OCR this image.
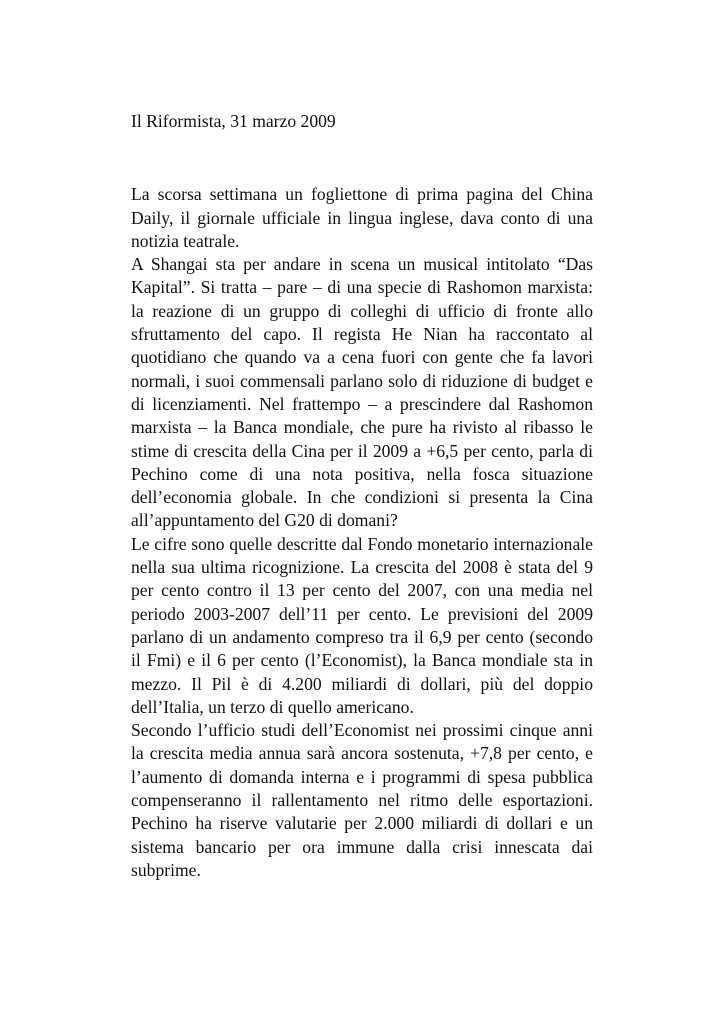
Il Riformista, 31 marzo 2009

La scorsa settimana un fogliettone di prima pagina del China Daily, il giornale ufficiale in lingua inglese, dava conto di una notizia teatrale.

A Shangai sta per andare in scena un musical intitolato “Das Kapital”. Si tratta – pare – di una specie di Rashomon marxista: la reazione di un gruppo di colleghi di ufficio di fronte allo sfruttamento del capo. Il regista He Nian ha raccontato al quotidiano che quando va a cena fuori con gente che fa lavori normali, i suoi commensali parlano solo di riduzione di budget e di licenziamenti. Nel frattempo – a prescindere dal Rashomon marxista – la Banca mondiale, che pure ha rivisto al ribasso le stime di crescita della Cina per il 2009 a +6,5 per cento, parla di Pechino come di una nota positiva, nella fosca situazione dell’economia globale. In che condizioni si presenta la Cina all’appuntamento del G20 di domani?

Le cifre sono quelle descritte dal Fondo monetario internazionale nella sua ultima ricognizione. La crescita del 2008 è stata del 9 per cento contro il 13 per cento del 2007, con una media nel periodo 2003-2007 dell’11 per cento. Le previsioni del 2009 parlano di un andamento compreso tra il 6,9 per cento (secondo il Fmi) e il 6 per cento (l’Economist), la Banca mondiale sta in mezzo. Il Pil è di 4.200 miliardi di dollari, più del doppio dell’Italia, un terzo di quello americano.

Secondo l’ufficio studi dell’Economist nei prossimi cinque anni la crescita media annua sarà ancora sostenuta, +7,8 per cento, e l’aumento di domanda interna e i programmi di spesa pubblica compenseranno il rallentamento nel ritmo delle esportazioni. Pechino ha riserve valutarie per 2.000 miliardi di dollari e un sistema bancario per ora immune dalla crisi innescata dai subprime.
